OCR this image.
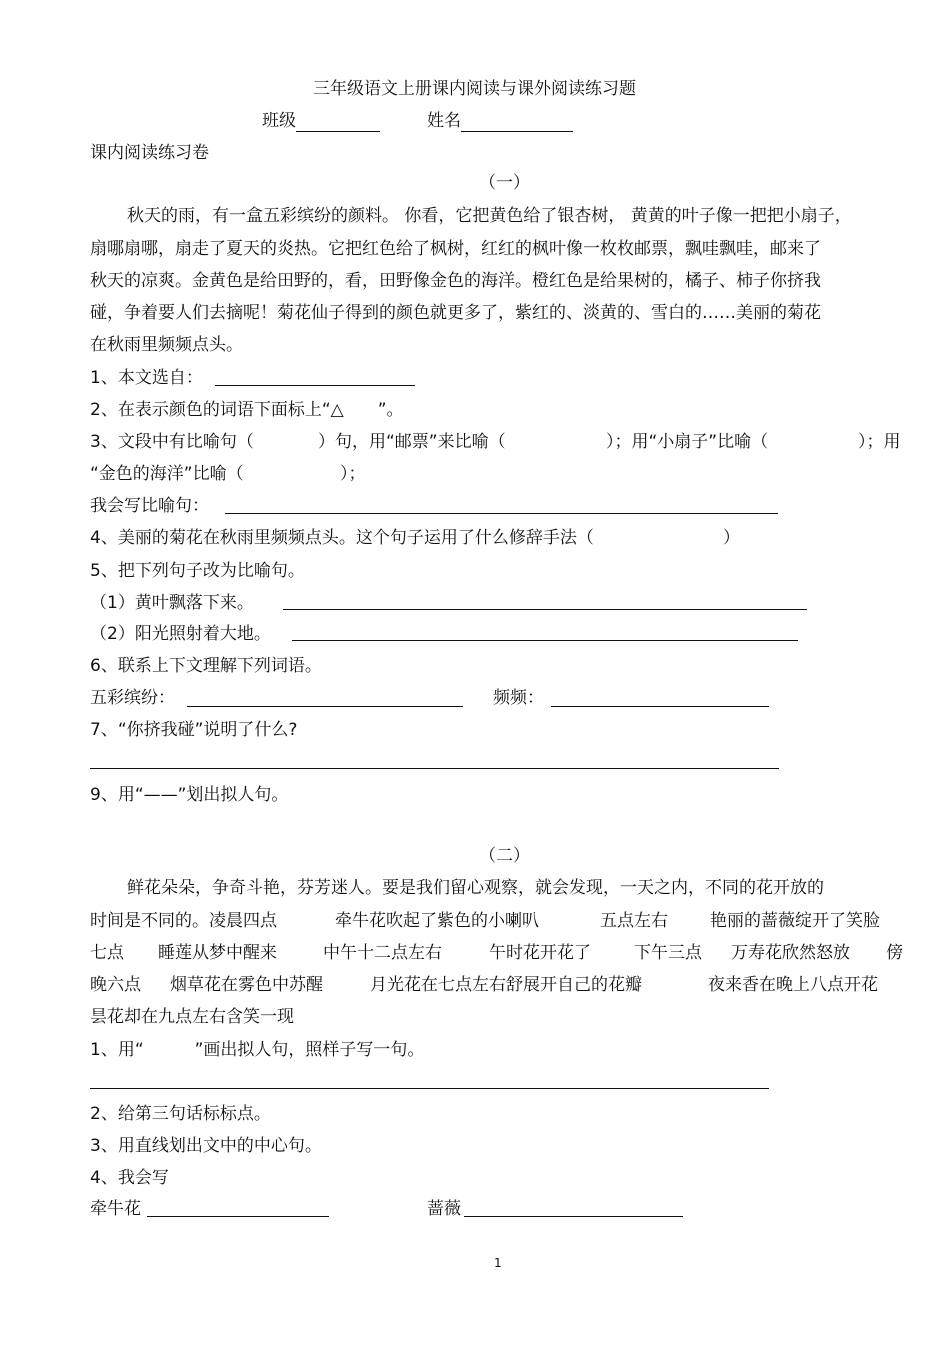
三年级语文上册课内阅读与课外阅读练习题
班级	姓名
课内阅读练习卷
（一）
秋天的雨，有一盒五彩缤纷的颜料。 你看，它把黄色给了银杏树， 黄黄的叶子像一把把小扇子，
扇哪扇哪，扇走了夏天的炎热。它把红色给了枫树，红红的枫叶像一枚枚邮票，飘哇飘哇，邮来了
秋天的凉爽。金黄色是给田野的，看，田野像金色的海洋。橙红色是给果树的，橘子、柿子你挤我
碰，争着要人们去摘呢！菊花仙子得到的颜色就更多了，紫红的、淡黄的、雪白的……美丽的菊花
在秋雨里频频点头。
1、本文选自：
2、在表示颜色的词语下面标上“△　　”。
3、文段中有比喻句（	）句，用“邮票”来比喻（	）；用“小扇子”比喻（	）；用
“金色的海洋”比喻（	）；
我会写比喻句：
4、美丽的菊花在秋雨里频频点头。这个句子运用了什么修辞手法（	）
5、把下列句子改为比喻句。
（1）黄叶飘落下来。
（2）阳光照射着大地。
6、联系上下文理解下列词语。
五彩缤纷：	频频：
7、“你挤我碰”说明了什么?
9、用“——”划出拟人句。
（二）
鲜花朵朵，争奇斗艳，芬芳迷人。要是我们留心观察，就会发现，一天之内，不同的花开放的
时间是不同的。凌晨四点	牵牛花吹起了紫色的小喇叭	五点左右 艳丽的蔷薇绽开了笑脸
七点 睡莲从梦中醒来	中午十二点左右	午时花开花了	下午三点 万寿花欣然怒放 傍
晚六点 烟草花在雾色中苏醒	月光花在七点左右舒展开自己的花瓣	夜来香在晚上八点开花
昙花却在九点左右含笑一现
1、用“　　　”画出拟人句，照样子写一句。
2、给第三句话标标点。
3、用直线划出文中的中心句。
4、我会写
牵牛花	蔷薇
1
